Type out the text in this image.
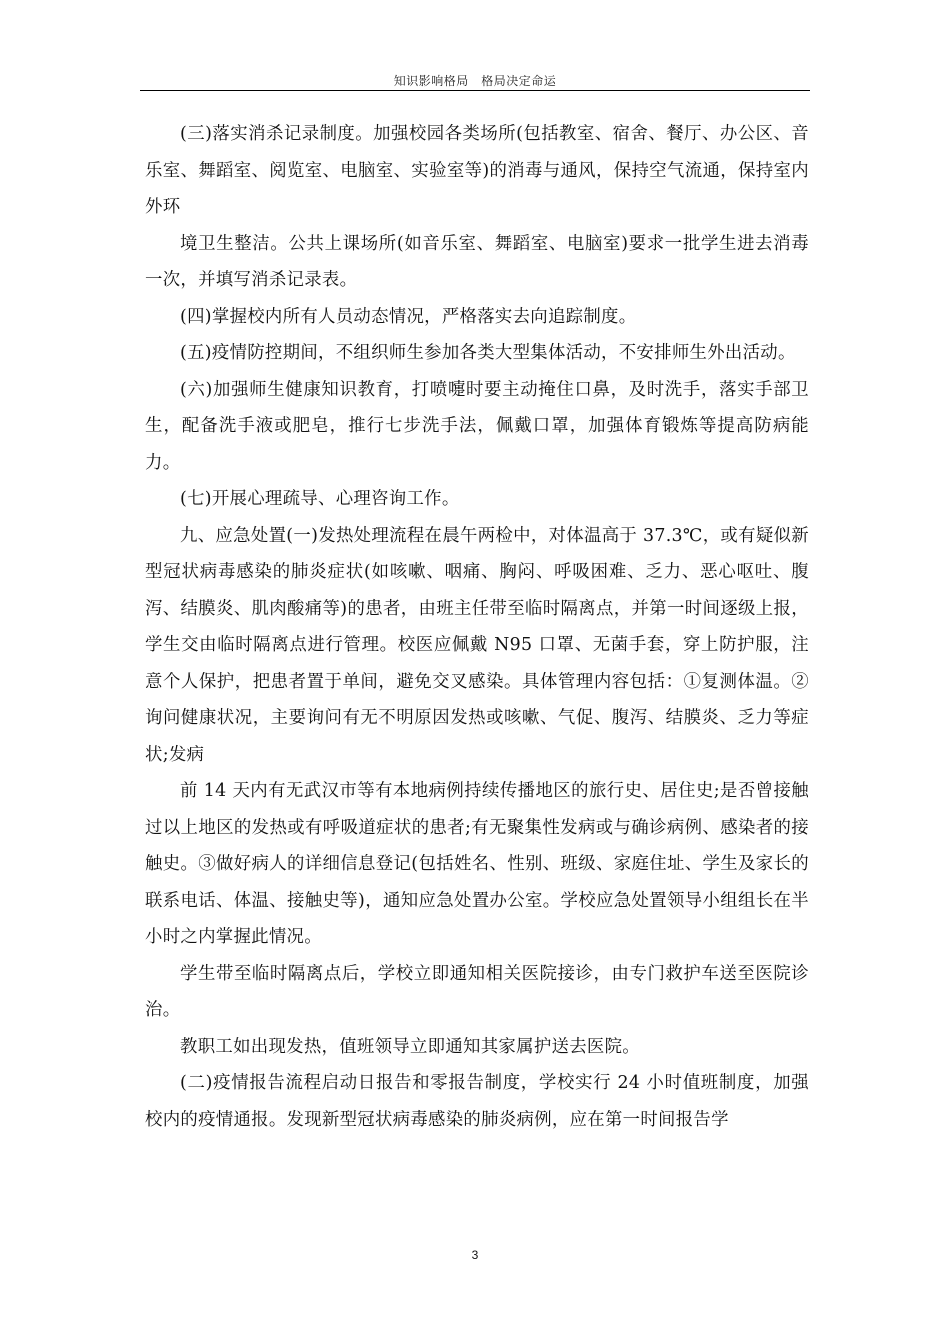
知识影响格局　格局决定命运

(三)落实消杀记录制度。加强校园各类场所(包括教室、宿舍、餐厅、办公区、音乐室、舞蹈室、阅览室、电脑室、实验室等)的消毒与通风，保持空气流通，保持室内外环

境卫生整洁。公共上课场所(如音乐室、舞蹈室、电脑室)要求一批学生进去消毒一次，并填写消杀记录表。

(四)掌握校内所有人员动态情况，严格落实去向追踪制度。

(五)疫情防控期间，不组织师生参加各类大型集体活动，不安排师生外出活动。

(六)加强师生健康知识教育，打喷嚏时要主动掩住口鼻，及时洗手，落实手部卫生，配备洗手液或肥皂，推行七步洗手法，佩戴口罩，加强体育锻炼等提高防病能力。

(七)开展心理疏导、心理咨询工作。

九、应急处置(一)发热处理流程在晨午两检中，对体温高于 37.3℃，或有疑似新型冠状病毒感染的肺炎症状(如咳嗽、咽痛、胸闷、呼吸困难、乏力、恶心呕吐、腹泻、结膜炎、肌肉酸痛等)的患者，由班主任带至临时隔离点，并第一时间逐级上报，学生交由临时隔离点进行管理。校医应佩戴 N95 口罩、无菌手套，穿上防护服，注意个人保护，把患者置于单间，避免交叉感染。具体管理内容包括：①复测体温。②询问健康状况，主要询问有无不明原因发热或咳嗽、气促、腹泻、结膜炎、乏力等症状;发病

前 14 天内有无武汉市等有本地病例持续传播地区的旅行史、居住史;是否曾接触过以上地区的发热或有呼吸道症状的患者;有无聚集性发病或与确诊病例、感染者的接触史。③做好病人的详细信息登记(包括姓名、性别、班级、家庭住址、学生及家长的联系电话、体温、接触史等)，通知应急处置办公室。学校应急处置领导小组组长在半小时之内掌握此情况。

学生带至临时隔离点后，学校立即通知相关医院接诊，由专门救护车送至医院诊治。

教职工如出现发热，值班领导立即通知其家属护送去医院。

(二)疫情报告流程启动日报告和零报告制度，学校实行 24 小时值班制度，加强校内的疫情通报。发现新型冠状病毒感染的肺炎病例，应在第一时间报告学

3
